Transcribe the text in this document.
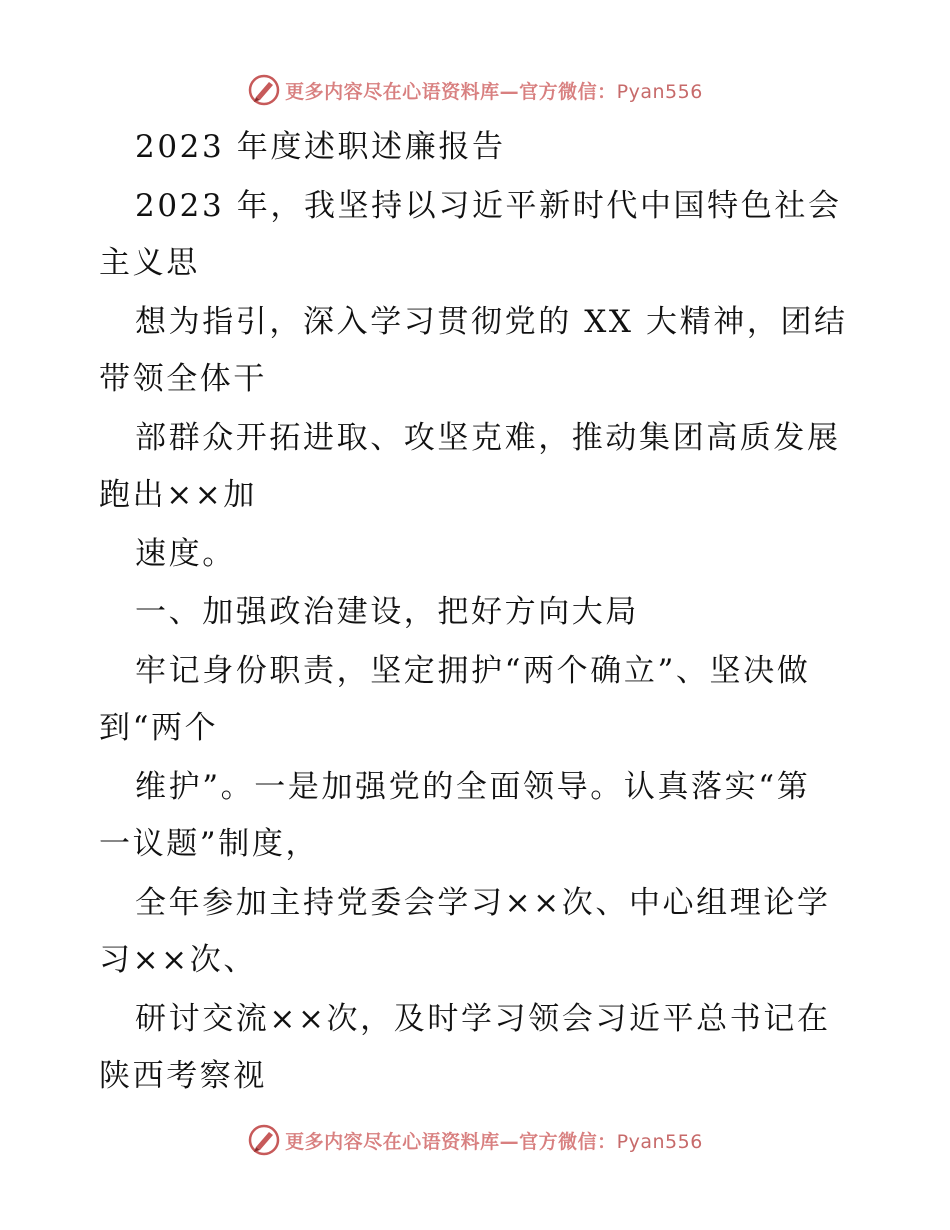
更多内容尽在心语资料库—官方微信：Pyan556
2023 年度述职述廉报告
2023 年，我坚持以习近平新时代中国特色社会
主义思
想为指引，深入学习贯彻党的 XX 大精神，团结
带领全体干
部群众开拓进取、攻坚克难，推动集团高质发展
跑出××加
速度。
一、加强政治建设，把好方向大局
牢记身份职责，坚定拥护“两个确立”、坚决做
到“两个
维护”。一是加强党的全面领导。认真落实“第
一议题”制度，
全年参加主持党委会学习××次、中心组理论学
习××次、
研讨交流××次，及时学习领会习近平总书记在
陕西考察视
更多内容尽在心语资料库—官方微信：Pyan556
